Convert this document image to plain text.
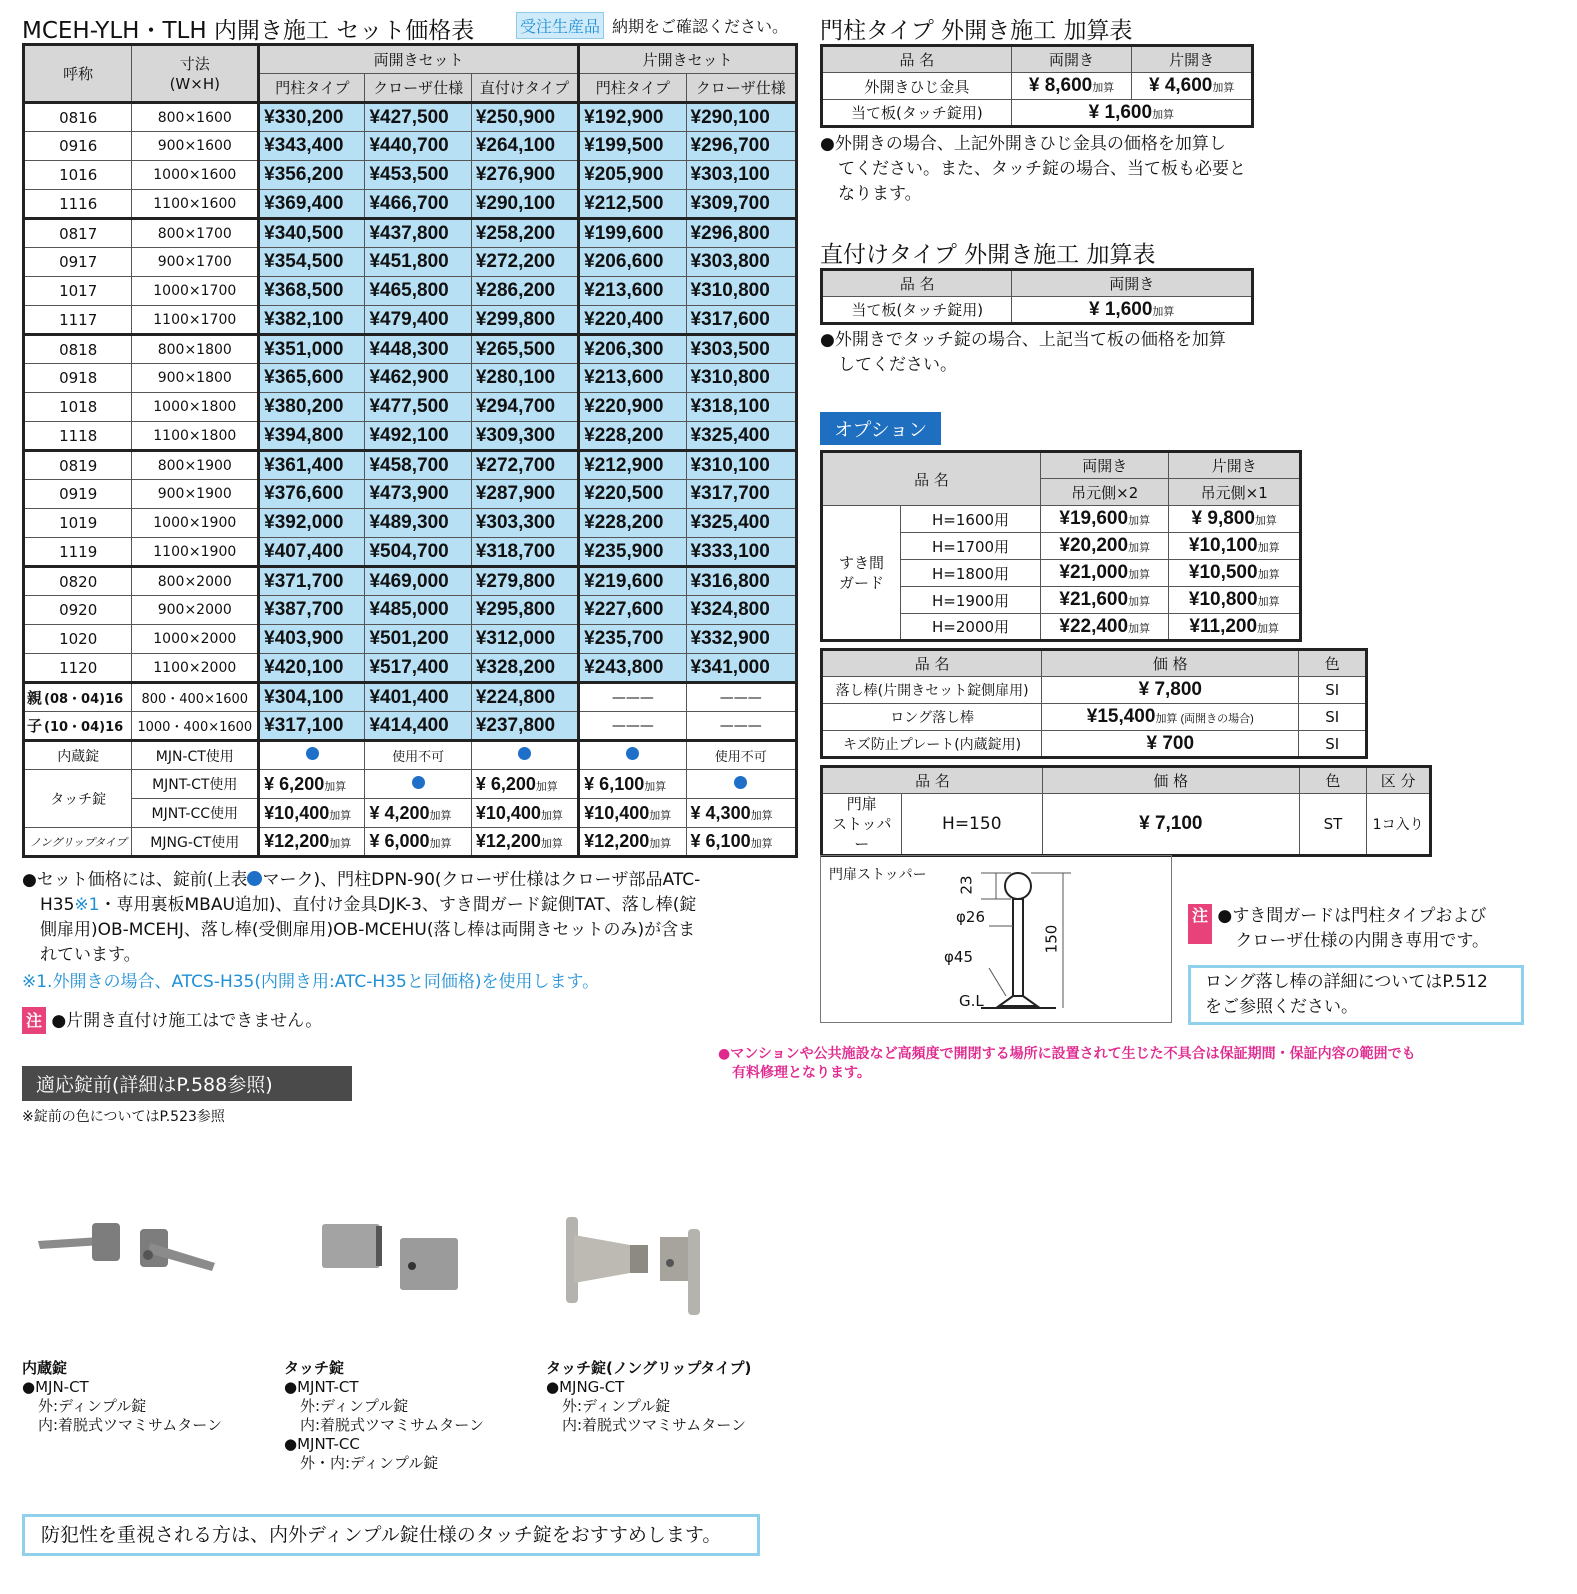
MCEH-YLH・TLH 内開き施工 セット価格表	受注生産品 納期をご確認ください。
呼称	寸法
(W×H)	両開きセット			片開きセット	
		門柱タイプ	クローザ仕様	直付けタイプ	門柱タイプ	クローザ仕様
0816	800×1600	¥330,200	¥427,500	¥250,900	¥192,900	¥290,100
0916	900×1600	¥343,400	¥440,700	¥264,100	¥199,500	¥296,700
1016	1000×1600	¥356,200	¥453,500	¥276,900	¥205,900	¥303,100
1116	1100×1600	¥369,400	¥466,700	¥290,100	¥212,500	¥309,700
0817	800×1700	¥340,500	¥437,800	¥258,200	¥199,600	¥296,800
0917	900×1700	¥354,500	¥451,800	¥272,200	¥206,600	¥303,800
1017	1000×1700	¥368,500	¥465,800	¥286,200	¥213,600	¥310,800
1117	1100×1700	¥382,100	¥479,400	¥299,800	¥220,400	¥317,600
0818	800×1800	¥351,000	¥448,300	¥265,500	¥206,300	¥303,500
0918	900×1800	¥365,600	¥462,900	¥280,100	¥213,600	¥310,800
1018	1000×1800	¥380,200	¥477,500	¥294,700	¥220,900	¥318,100
1118	1100×1800	¥394,800	¥492,100	¥309,300	¥228,200	¥325,400
0819	800×1900	¥361,400	¥458,700	¥272,700	¥212,900	¥310,100
0919	900×1900	¥376,600	¥473,900	¥287,900	¥220,500	¥317,700
1019	1000×1900	¥392,000	¥489,300	¥303,300	¥228,200	¥325,400
1119	1100×1900	¥407,400	¥504,700	¥318,700	¥235,900	¥333,100
0820	800×2000	¥371,700	¥469,000	¥279,800	¥219,600	¥316,800
0920	900×2000	¥387,700	¥485,000	¥295,800	¥227,600	¥324,800
1020	1000×2000	¥403,900	¥501,200	¥312,000	¥235,700	¥332,900
1120	1100×2000	¥420,100	¥517,400	¥328,200	¥243,800	¥341,000
親 (08・04)16	800・400×1600	¥304,100	¥401,400	¥224,800	———	———
子 (10・04)16	1000・400×1600	¥317,100	¥414,400	¥237,800	———	———
内蔵錠	MJN-CT使用		使用不可			使用不可
タッチ錠	MJNT-CT使用	¥ 6,200加算		¥ 6,200加算	¥ 6,100加算	
	MJNT-CC使用	¥10,400加算	¥ 4,200加算	¥10,400加算	¥10,400加算	¥ 4,300加算
ノングリップタイプ	MJNG-CT使用	¥12,200加算	¥ 6,000加算	¥12,200加算	¥12,200加算	¥ 6,100加算
●セット価格には、錠前(上表 マーク)、門柱DPN-90(クローザ仕様はクローザ部品ATC-
H35※1・専用裏板MBAU追加)、直付け金具DJK-3、すき間ガード錠側TAT、落し棒(錠
側扉用)OB-MCEHJ、落し棒(受側扉用)OB-MCEHU(落し棒は両開きセットのみ)が含ま
れています。
※1.外開きの場合、ATCS-H35(内開き用:ATC-H35と同価格)を使用します。
注 ●片開き直付け施工はできません。
門柱タイプ 外開き施工 加算表
品 名	両開き	片開き
外開きひじ金具	¥ 8,600加算	¥ 4,600加算
当て板(タッチ錠用)	¥ 1,600加算	
●外開きの場合、上記外開きひじ金具の価格を加算し
てください。また、タッチ錠の場合、当て板も必要と
なります。
直付けタイプ 外開き施工 加算表
品 名	両開き
当て板(タッチ錠用)	¥ 1,600加算
●外開きでタッチ錠の場合、上記当て板の価格を加算
してください。
オプション
品 名		両開き	片開き
		吊元側×2	吊元側×1
すき間
ガード	H=1600用	¥19,600加算	¥ 9,800加算
	H=1700用	¥20,200加算	¥10,100加算
	H=1800用	¥21,000加算	¥10,500加算
	H=1900用	¥21,600加算	¥10,800加算
	H=2000用	¥22,400加算	¥11,200加算
品 名	価 格	色
落し棒(片開きセット錠側扉用)	¥ 7,800	SI
ロング落し棒	¥15,400加算 (両開きの場合)	SI
キズ防止プレート(内蔵錠用)	¥ 700	SI
品 名		価 格	色	区 分
門扉
ストッパー	H=150	¥ 7,100	ST	1コ入り
門扉ストッパー
23
φ26
φ45
150
G.L
注 ●すき間ガードは門柱タイプおよび
クローザ仕様の内開き専用です。
ロング落し棒の詳細についてはP.512
をご参照ください。
●マンションや公共施設など高頻度で開閉する場所に設置されて生じた不具合は保証期間・保証内容の範囲でも
有料修理となります。
適応錠前(詳細はP.588参照)
※錠前の色についてはP.523参照
内蔵錠
●MJN-CT
外:ディンプル錠
内:着脱式ツマミサムターン
タッチ錠
●MJNT-CT
外:ディンプル錠
内:着脱式ツマミサムターン
●MJNT-CC
外・内:ディンプル錠
タッチ錠(ノングリップタイプ)
●MJNG-CT
外:ディンプル錠
内:着脱式ツマミサムターン
防犯性を重視される方は、内外ディンプル錠仕様のタッチ錠をおすすめします。
